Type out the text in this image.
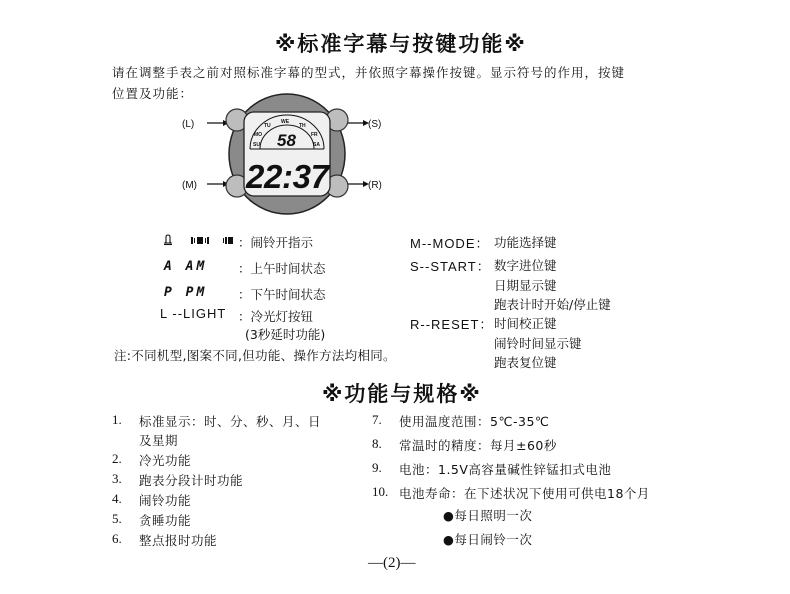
※标准字幕与按键功能※
请在调整手表之前对照标准字幕的型式，并依照字幕操作按键。显示符号的作用，按键
位置及功能：
(L)	(S)
(M)	(R)
TU
WE
TH
MO	FR
SU	SA
58
22:37
：闹铃开指示
A AM ：上午时间状态
P PM ：下午时间状态
L --LIGHT ：冷光灯按钮
(3秒延时功能)
注:不同机型,图案不同,但功能、操作方法均相同。
M--MODE： 功能选择键
S--START： 数字进位键
日期显示键
跑表计时开始/停止键
R--RESET： 时间校正键
闹铃时间显示键
跑表复位键
※功能与规格※
1. 标准显示：时、分、秒、月、日
及星期
2. 冷光功能
3. 跑表分段计时功能
4. 闹铃功能
5. 贪睡功能
6. 整点报时功能
7. 使用温度范围：5℃-35℃
8. 常温时的精度：每月±60秒
9. 电池：1.5V高容量碱性锌锰扣式电池
10. 电池寿命：在下述状况下使用可供电18个月
●每日照明一次
●每日闹铃一次
—(2)—
